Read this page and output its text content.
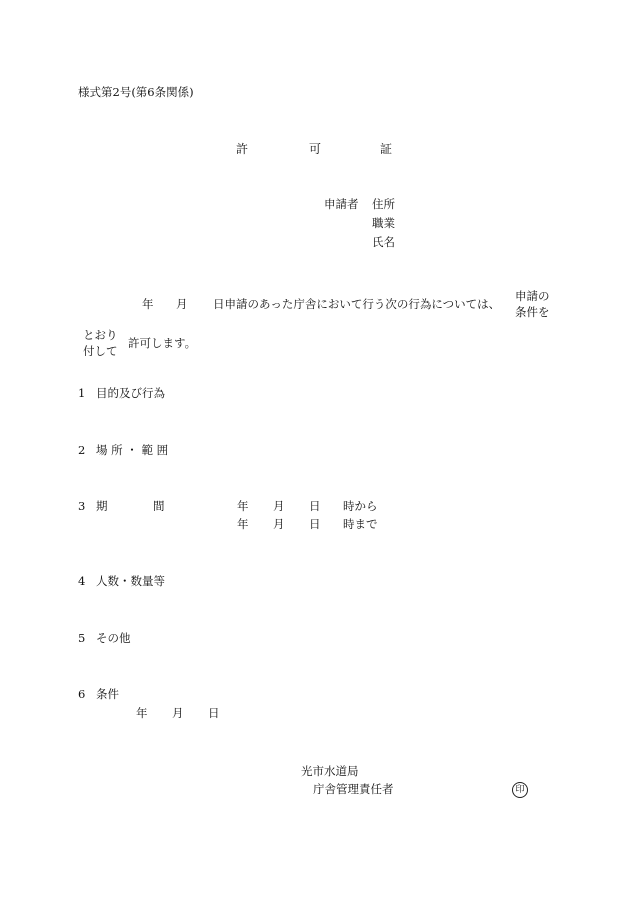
様式第2号(第6条関係)
許	可	証
申請者 住所
職業
氏名
年 月 日申請のあった庁舎において行う次の行為については、
申請の
条件を
とおり
付して
許可します。
1 目的及び行為
2 場 所 ・ 範 囲
3 期	間	年 月 日 時から
年 月 日 時まで
4 人数・数量等
5 その他
6 条件
年 月 日
光市水道局
庁舎管理責任者	印
